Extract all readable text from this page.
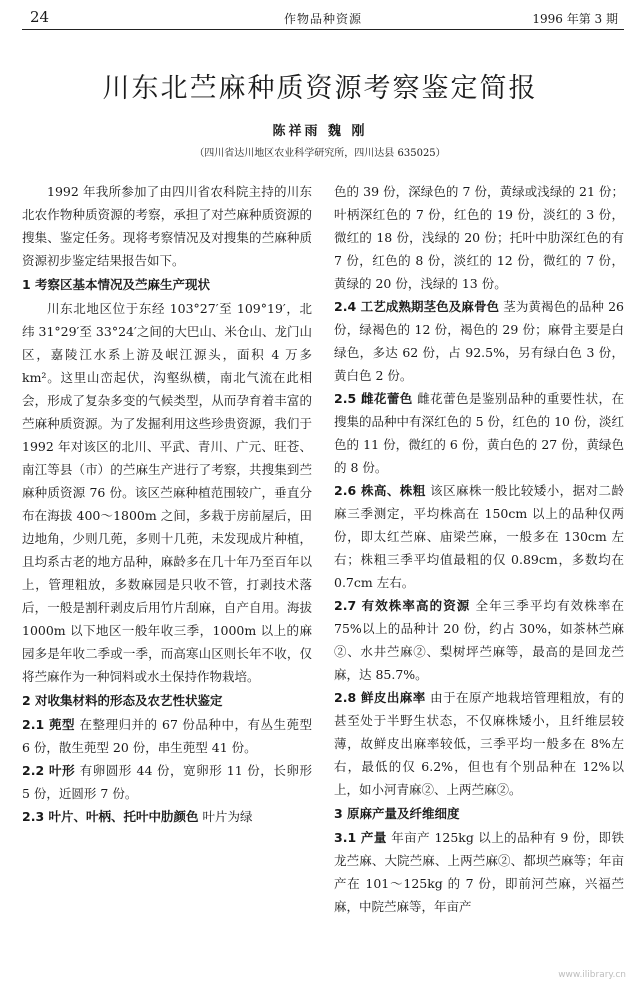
24	作物品种资源	1996 年第 3 期
川东北苎麻种质资源考察鉴定简报
陈祥雨 魏 刚
（四川省达川地区农业科学研究所，四川达县 635025）

1992 年我所参加了由四川省农科院主持的川东北农作物种质资源的考察，承担了对苎麻种质资源的搜集、鉴定任务。现将考察情况及对搜集的苎麻种质资源初步鉴定结果报告如下。

1 考察区基本情况及苎麻生产现状

川东北地区位于东经 103°27′至 109°19′，北纬 31°29′至 33°24′之间的大巴山、米仓山、龙门山区，嘉陵江水系上游及岷江源头，面积 4 万多 km²。这里山峦起伏，沟壑纵横，南北气流在此相会，形成了复杂多变的气候类型，从而孕育着丰富的苎麻种质资源。为了发掘利用这些珍贵资源，我们于 1992 年对该区的北川、平武、青川、广元、旺苍、南江等县（市）的苎麻生产进行了考察，共搜集到苎麻种质资源 76 份。该区苎麻种植范围较广，垂直分布在海拔 400～1800m 之间，多栽于房前屋后，田边地角，少则几蔸，多则十几蔸，未发现成片种植，且均系古老的地方品种，麻龄多在几十年乃至百年以上，管理粗放，多数麻园是只收不管，打剥技术落后，一般是割秆剥皮后用竹片刮麻，自产自用。海拔 1000m 以下地区一般年收三季，1000m 以上的麻园多是年收二季或一季，而高寒山区则长年不收，仅将苎麻作为一种饲料或水土保持作物栽培。

2 对收集材料的形态及农艺性状鉴定
2.1 蔸型 在整理归并的 67 份品种中，有丛生蔸型 6 份，散生蔸型 20 份，串生蔸型 41 份。
2.2 叶形 有卵圆形 44 份，宽卵形 11 份，长卵形 5 份，近圆形 7 份。
2.3 叶片、叶柄、托叶中肋颜色 叶片为绿

色的 39 份，深绿色的 7 份，黄绿或浅绿的 21 份；叶柄深红色的 7 份，红色的 19 份，淡红的 3 份，微红的 18 份，浅绿的 20 份；托叶中肋深红色的有 7 份，红色的 8 份，淡红的 12 份，微红的 7 份，黄绿的 20 份，浅绿的 13 份。

2.4 工艺成熟期茎色及麻骨色 茎为黄褐色的品种 26 份，绿褐色的 12 份，褐色的 29 份；麻骨主要是白绿色，多达 62 份，占 92.5%，另有绿白色 3 份，黄白色 2 份。
2.5 雌花蕾色 雌花蕾色是鉴别品种的重要性状，在搜集的品种中有深红色的 5 份，红色的 10 份，淡红色的 11 份，微红的 6 份，黄白色的 27 份，黄绿色的 8 份。
2.6 株高、株粗 该区麻株一般比较矮小，据对二龄麻三季测定，平均株高在 150cm 以上的品种仅两份，即太红苎麻、庙梁苎麻，一般多在 130cm 左右；株粗三季平均值最粗的仅 0.89cm，多数均在 0.7cm 左右。
2.7 有效株率高的资源 全年三季平均有效株率在 75%以上的品种计 20 份，约占 30%，如茶林苎麻②、水井苎麻②、梨树坪苎麻等，最高的是回龙苎麻，达 85.7%。
2.8 鲜皮出麻率 由于在原产地栽培管理粗放，有的甚至处于半野生状态，不仅麻株矮小，且纤维层较薄，故鲜皮出麻率较低，三季平均一般多在 8%左右，最低的仅 6.2%，但也有个别品种在 12%以上，如小河青麻②、上两苎麻②。
3 原麻产量及纤维细度
3.1 产量 年亩产 125kg 以上的品种有 9 份，即铁龙苎麻、大院苎麻、上两苎麻②、都坝苎麻等；年亩产在 101～125kg 的 7 份，即前河苎麻，兴福苎麻，中院苎麻等，年亩产
www.ilibrary.cn
